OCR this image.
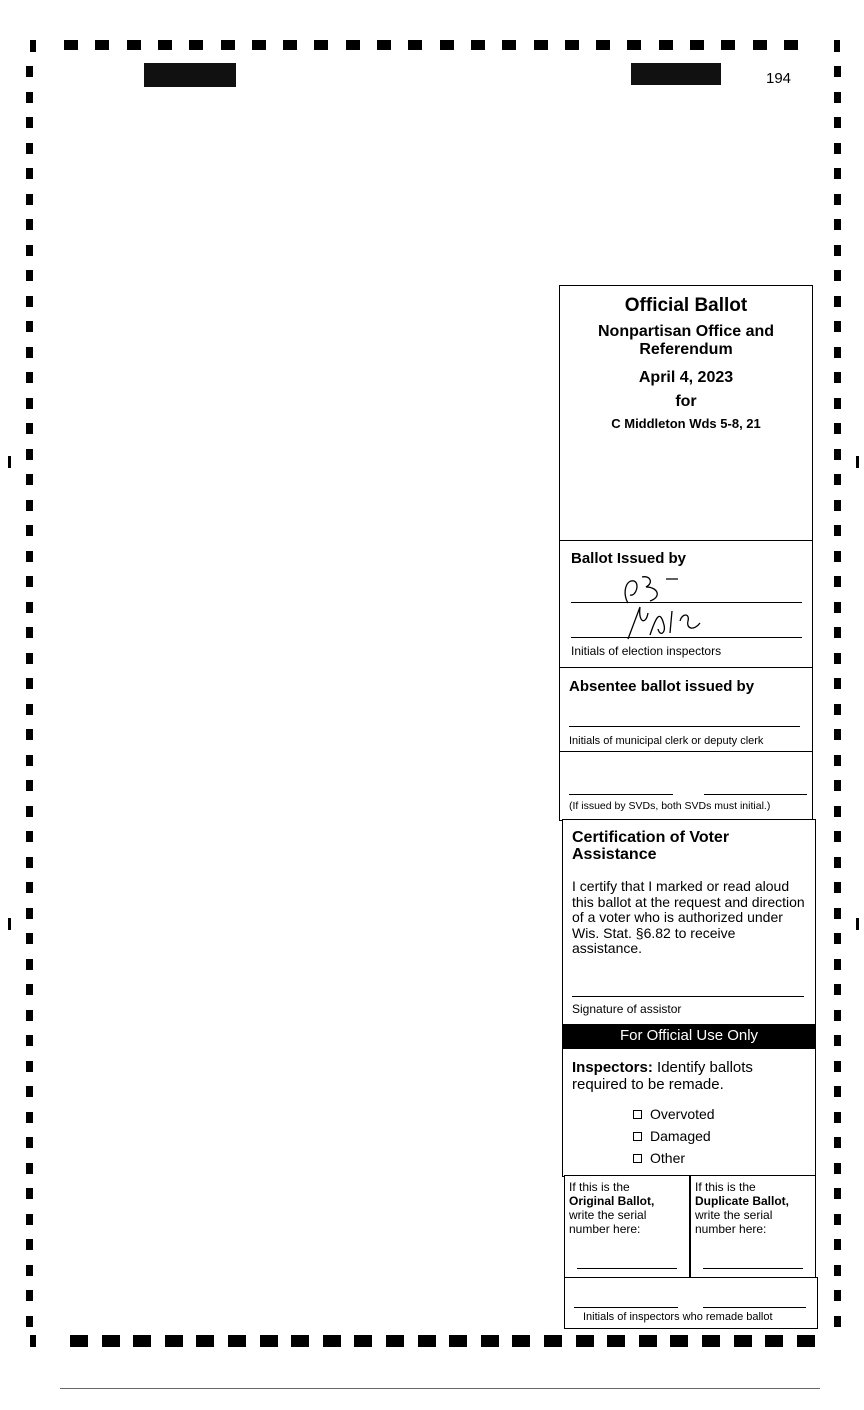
194
Official Ballot
Nonpartisan Office and Referendum
April 4, 2023
for
C Middleton Wds 5-8, 21
Ballot Issued by
Initials of election inspectors
Absentee ballot issued by
Initials of municipal clerk or deputy clerk
(If issued by SVDs, both SVDs must initial.)
Certification of Voter Assistance
I certify that I marked or read aloud this ballot at the request and direction of a voter who is authorized under Wis. Stat. §6.82 to receive assistance.
Signature of assistor
For Official Use Only
Inspectors: Identify ballots required to be remade.
Overvoted
Damaged
Other
If this is the
Original Ballot,
write the serial number here:
If this is the
Duplicate Ballot,
write the serial number here:
Initials of inspectors who remade ballot
